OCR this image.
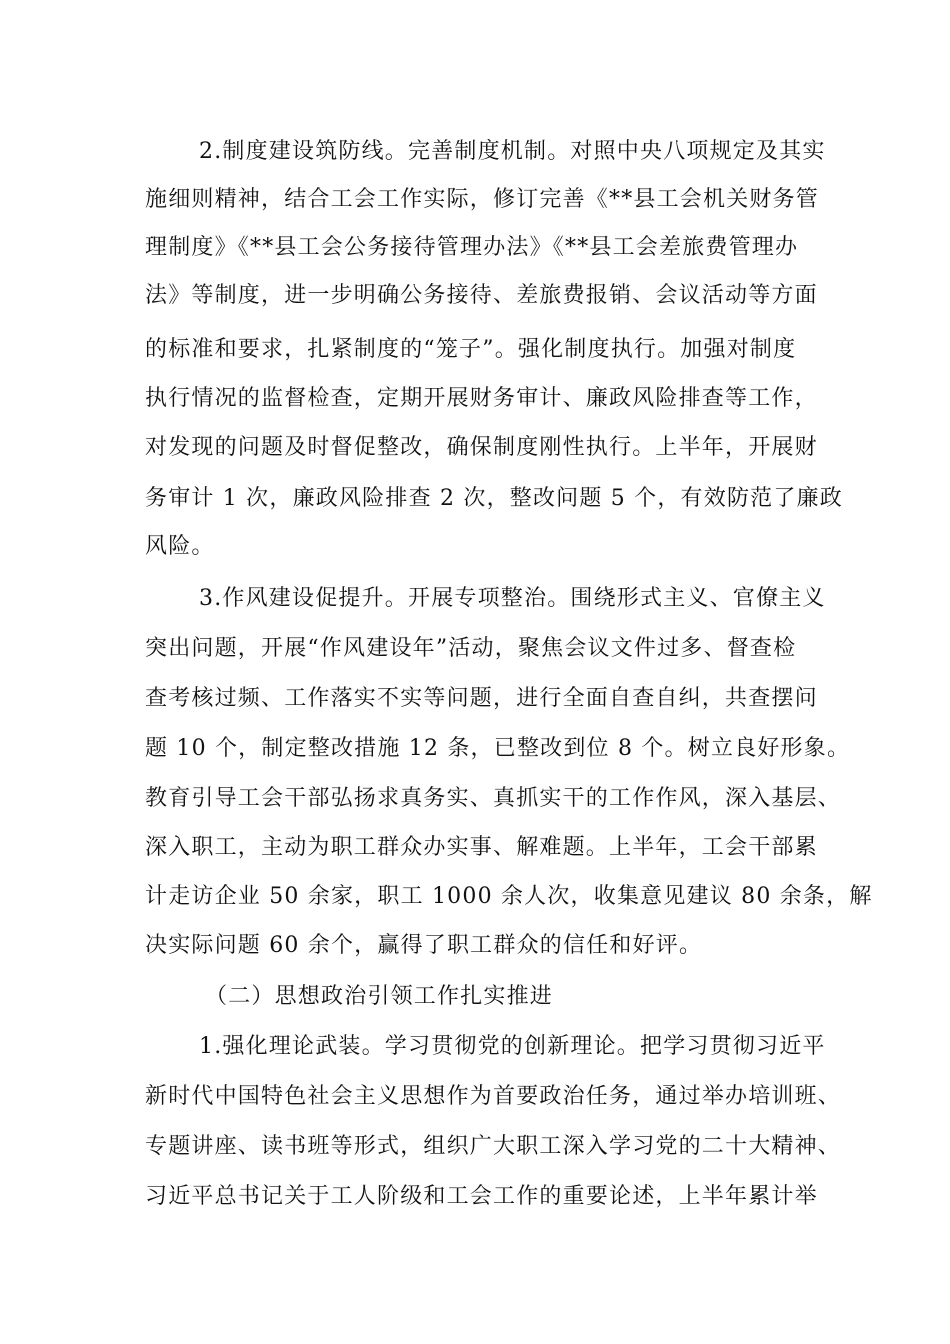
2.制度建设筑防线。完善制度机制。对照中央八项规定及其实
施细则精神，结合工会工作实际，修订完善《**县工会机关财务管
理制度》《**县工会公务接待管理办法》《**县工会差旅费管理办
法》等制度，进一步明确公务接待、差旅费报销、会议活动等方面
的标准和要求，扎紧制度的“笼子”。强化制度执行。加强对制度
执行情况的监督检查，定期开展财务审计、廉政风险排查等工作，
对发现的问题及时督促整改，确保制度刚性执行。上半年，开展财
务审计 1 次，廉政风险排查 2 次，整改问题 5 个，有效防范了廉政
风险。
3.作风建设促提升。开展专项整治。围绕形式主义、官僚主义
突出问题，开展“作风建设年”活动，聚焦会议文件过多、督查检
查考核过频、工作落实不实等问题，进行全面自查自纠，共查摆问
题 10 个，制定整改措施 12 条，已整改到位 8 个。树立良好形象。
教育引导工会干部弘扬求真务实、真抓实干的工作作风，深入基层、
深入职工，主动为职工群众办实事、解难题。上半年，工会干部累
计走访企业 50 余家，职工 1000 余人次，收集意见建议 80 余条，解
决实际问题 60 余个，赢得了职工群众的信任和好评。
（二）思想政治引领工作扎实推进
1.强化理论武装。学习贯彻党的创新理论。把学习贯彻习近平
新时代中国特色社会主义思想作为首要政治任务，通过举办培训班、
专题讲座、读书班等形式，组织广大职工深入学习党的二十大精神、
习近平总书记关于工人阶级和工会工作的重要论述，上半年累计举
